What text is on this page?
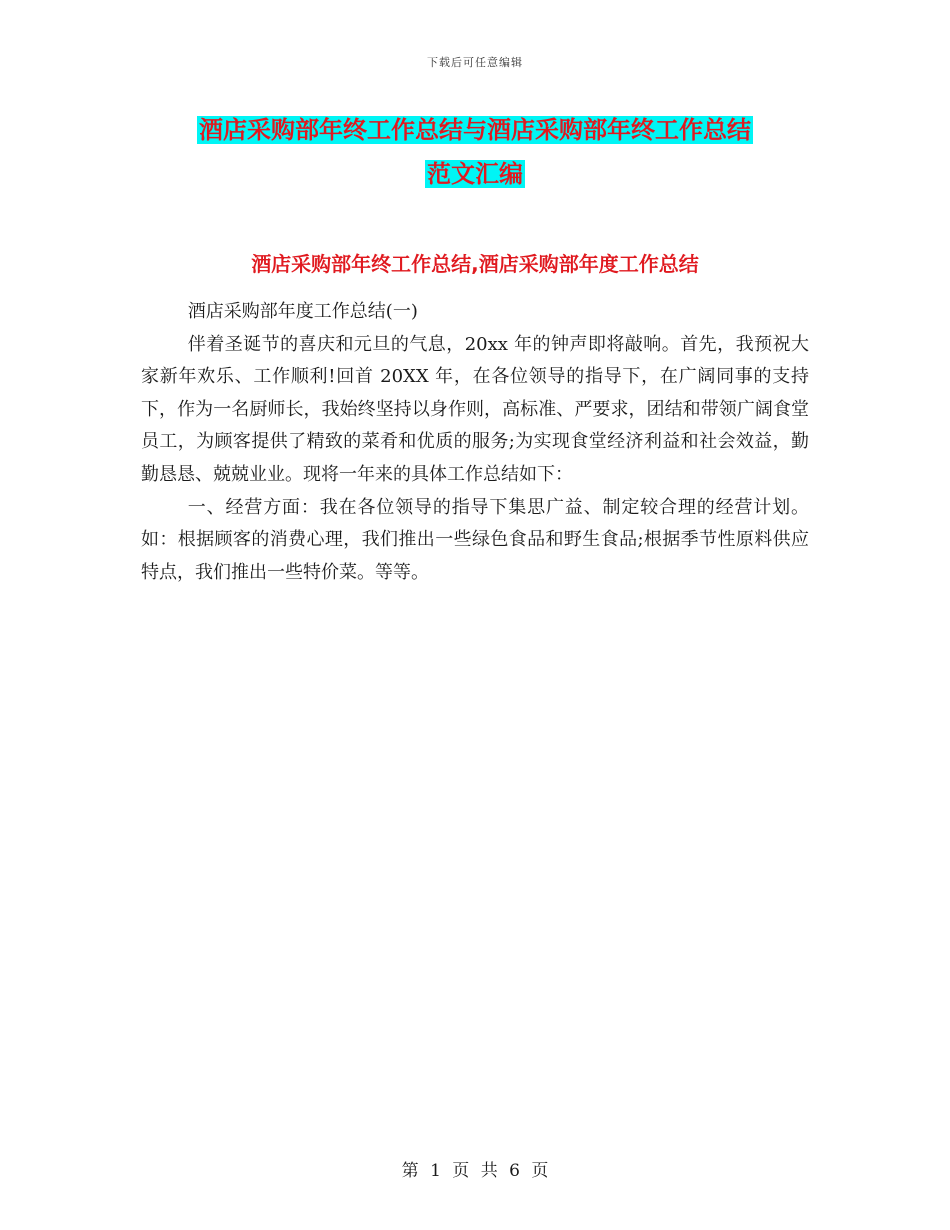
下载后可任意编辑
酒店采购部年终工作总结与酒店采购部年终工作总结
范文汇编
酒店采购部年终工作总结,酒店采购部年度工作总结

酒店采购部年度工作总结(一)

伴着圣诞节的喜庆和元旦的气息，20xx 年的钟声即将敲响。首先，我预祝大家新年欢乐、工作顺利!回首 20XX 年，在各位领导的指导下，在广阔同事的支持下，作为一名厨师长，我始终坚持以身作则，高标准、严要求，团结和带领广阔食堂员工，为顾客提供了精致的菜肴和优质的服务;为实现食堂经济利益和社会效益，勤勤恳恳、兢兢业业。现将一年来的具体工作总结如下：

一、经营方面：我在各位领导的指导下集思广益、制定较合理的经营计划。如：根据顾客的消费心理，我们推出一些绿色食品和野生食品;根据季节性原料供应特点，我们推出一些特价菜。等等。

第 1 页 共 6 页
